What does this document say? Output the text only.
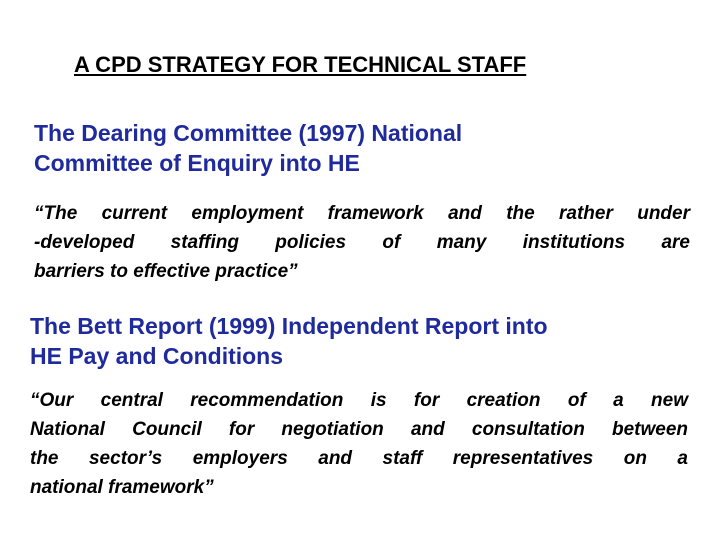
A CPD STRATEGY FOR TECHNICAL STAFF
The Dearing Committee (1997) National
Committee of Enquiry into HE
“The current employment framework and the rather under
-developed staffing policies of many institutions are
barriers to effective practice”
The Bett Report (1999) Independent Report into
HE Pay and Conditions
“Our central recommendation is for creation of a new
National Council for negotiation and consultation between
the sector’s employers and staff representatives on a
national framework”
